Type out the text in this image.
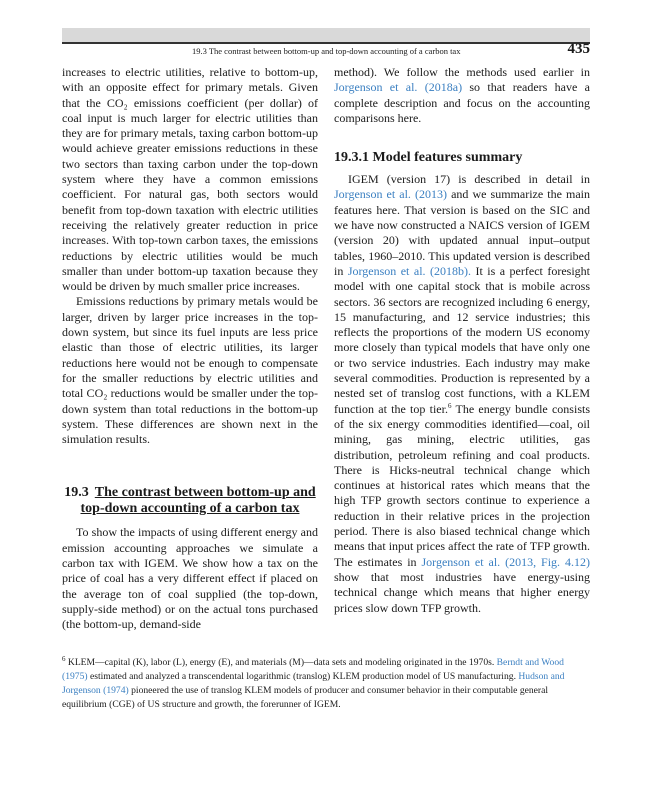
19.3 The contrast between bottom-up and top-down accounting of a carbon tax	435

increases to electric utilities, relative to bottom-up, with an opposite effect for primary metals. Given that the CO₂ emissions coefficient (per dollar) of coal input is much larger for electric utilities than they are for primary metals, taxing carbon bottom-up would achieve greater emissions reductions in these two sectors than taxing carbon under the top-down system where they have a common emissions coefficient. For natural gas, both sectors would benefit from top-down taxation with electric utilities receiving the relatively greater reduction in price increases. With top-town carbon taxes, the emissions reductions by electric utilities would be much smaller than under bottom-up taxation because they would be driven by much smaller price increases.

Emissions reductions by primary metals would be larger, driven by larger price increases in the top-down system, but since its fuel inputs are less price elastic than those of electric utilities, its larger reductions here would not be enough to compensate for the smaller reductions by electric utilities and total CO₂ reductions would be smaller under the top-down system than total reductions in the bottom-up system. These differences are shown next in the simulation results.

19.3 The contrast between bottom-up and top-down accounting of a carbon tax

To show the impacts of using different energy and emission accounting approaches we simulate a carbon tax with IGEM. We show how a tax on the price of coal has a very different effect if placed on the average ton of coal supplied (the top-down, supply-side method) or on the actual tons purchased (the bottom-up, demand-side

method). We follow the methods used earlier in Jorgenson et al. (2018a) so that readers have a complete description and focus on the accounting comparisons here.

19.3.1 Model features summary

IGEM (version 17) is described in detail in Jorgenson et al. (2013) and we summarize the main features here. That version is based on the SIC and we have now constructed a NAICS version of IGEM (version 20) with updated annual input–output tables, 1960–2010. This updated version is described in Jorgenson et al. (2018b). It is a perfect foresight model with one capital stock that is mobile across sectors. 36 sectors are recognized including 6 energy, 15 manufacturing, and 12 service industries; this reflects the proportions of the modern US economy more closely than typical models that have only one or two service industries. Each industry may make several commodities. Production is represented by a nested set of translog cost functions, with a KLEM function at the top tier.$^6$ The energy bundle consists of the six energy commodities identified—coal, oil mining, gas mining, electric utilities, gas distribution, petroleum refining and coal products. There is Hicks-neutral technical change which continues at historical rates which means that the high TFP growth sectors continue to experience a reduction in their relative prices in the projection period. There is also biased technical change which means that input prices affect the rate of TFP growth. The estimates in Jorgenson et al. (2013, Fig. 4.12) show that most industries have energy-using technical change which means that higher energy prices slow down TFP growth.

$^6$ KLEM—capital (K), labor (L), energy (E), and materials (M)—data sets and modeling originated in the 1970s. Berndt and Wood (1975) estimated and analyzed a transcendental logarithmic (translog) KLEM production model of US manufacturing. Hudson and Jorgenson (1974) pioneered the use of translog KLEM models of producer and consumer behavior in their computable general equilibrium (CGE) of US structure and growth, the forerunner of IGEM.
